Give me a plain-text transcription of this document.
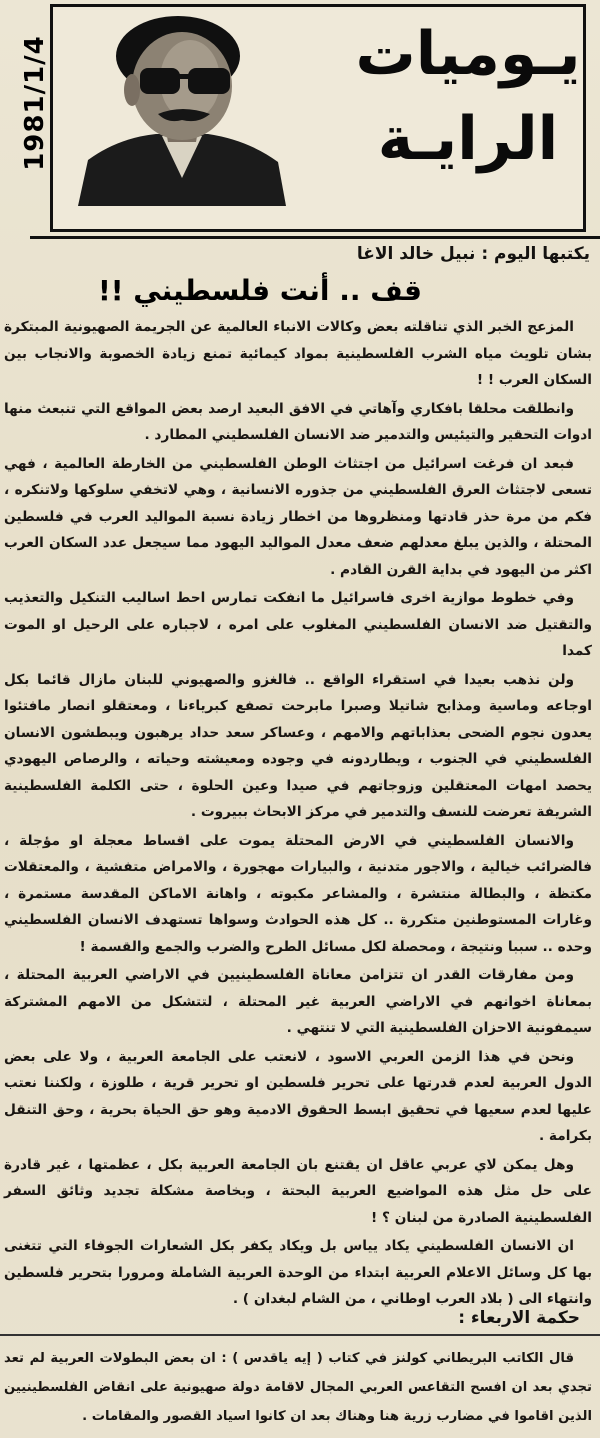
1981/1/4	يـوميات
الرايـة
يكتبها اليوم : نبيل خالد الاغا
قف .. أنت فلسطيني !!

المزعج الخبر الذي تناقلته بعض وكالات الانباء العالمية عن الجريمة الصهيونية المبتكرة بشان تلويث مياه الشرب الفلسطينية بمواد كيمائية تمنع زيادة الخصوبة والانجاب بين السكان العرب ! !

وانطلقت محلقا بافكاري وآهاتي في الافق البعيد ارصد بعض المواقع التي تنبعث منها ادوات التحقير والتيئيس والتدمير ضد الانسان الفلسطيني المطارد .

فبعد ان فرغت اسرائيل من اجتثاث الوطن الفلسطيني من الخارطة العالمية ، فهي تسعى لاجتثاث العرق الفلسطيني من جذوره الانسانية ، وهي لاتخفي سلوكها ولاتنكره ، فكم من مرة حذر قادتها ومنظروها من اخطار زيادة نسبة المواليد العرب في فلسطين المحتلة ، والذين يبلغ معدلهم ضعف معدل المواليد اليهود مما سيجعل عدد السكان العرب اكثر من اليهود في بداية القرن القادم .

وفي خطوط موازية اخرى فاسرائيل ما انفكت تمارس احط اساليب التنكيل والتعذيب والتقتيل ضد الانسان الفلسطيني المغلوب على امره ، لاجباره على الرحيل او الموت كمدا

ولن نذهب بعيدا في استقراء الواقع .. فالغزو والصهيوني للبنان مازال قائما بكل اوجاعه وماسية ومذابح شاتيلا وصبرا مابرحت تصفع كبرياءنا ، ومعتقلو انصار مافتئوا يعدون نجوم الضحى بعذاباتهم والامهم ، وعساكر سعد حداد يرهبون ويبطشون الانسان الفلسطيني في الجنوب ، ويطاردونه في وجوده ومعيشته وحياته ، والرصاص اليهودي يحصد امهات المعتقلين وزوجاتهم في صيدا وعين الحلوة ، حتى الكلمة الفلسطينية الشريفة تعرضت للنسف والتدمير في مركز الابحاث ببيروت .

والانسان الفلسطيني في الارض المحتلة يموت على اقساط معجلة او مؤجلة ، فالضرائب خيالية ، والاجور متدنية ، والبيارات مهجورة ، والامراض متفشية ، والمعتقلات مكتظة ، والبطالة منتشرة ، والمشاعر مكبوته ، واهانة الاماكن المقدسة مستمرة ، وغارات المستوطنين متكررة .. كل هذه الحوادث وسواها تستهدف الانسان الفلسطيني وحده .. سببا ونتيجة ، ومحصلة لكل مسائل الطرح والضرب والجمع والقسمة !

ومن مفارقات القدر ان تتزامن معاناة الفلسطينيين في الاراضي العربية المحتلة ، بمعاناة اخوانهم في الاراضي العربية غير المحتلة ، لتتشكل من الامهم المشتركة سيمفونية الاحزان الفلسطينية التي لا تنتهي .

ونحن في هذا الزمن العربي الاسود ، لانعتب على الجامعة العربية ، ولا على بعض الدول العربية لعدم قدرتها على تحرير فلسطين او تحرير قرية ، طلوزة ، ولكننا نعتب عليها لعدم سعيها في تحقيق ابسط الحقوق الادمية وهو حق الحياة بحرية ، وحق التنقل بكرامة .

وهل يمكن لاي عربي عاقل ان يقتنع بان الجامعة العربية بكل ، عظمتها ، غير قادرة على حل مثل هذه المواضيع العربية البحتة ، وبخاصة مشكلة تجديد وثائق السفر الفلسطينية الصادرة من لبنان ؟ !

ان الانسان الفلسطيني يكاد يياس بل ويكاد يكفر بكل الشعارات الجوفاء التي تتغنى بها كل وسائل الاعلام العربية ابتداء من الوحدة العربية الشاملة ومرورا بتحرير فلسطين وانتهاء الى ( بلاد العرب اوطاني ، من الشام لبغدان ) .

حكمة الاربعاء :

قال الكاتب البريطاني كولنز في كتاب ( إيه ياقدس ) : ان بعض البطولات العربية لم تعد تجدي بعد ان افسح التقاعس العربي المجال لاقامة دولة صهيونية على انقاض الفلسطينيين الذين اقاموا في مضارب زرية هنا وهناك بعد ان كانوا اسياد القصور والمقامات .
